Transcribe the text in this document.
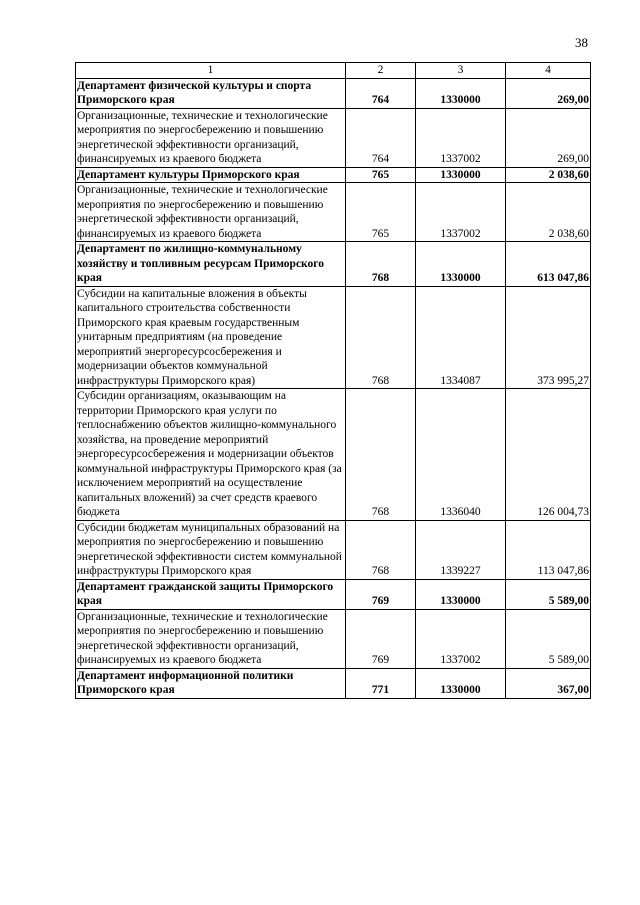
38
1	2	3	4
Департамент физической культуры и спорта Приморского края	764	1330000	269,00
Организационные, технические и технологические мероприятия по энергосбережению и повышению энергетической эффективности организаций, финансируемых из краевого бюджета	764	1337002	269,00
Департамент культуры Приморского края	765	1330000	2 038,60
Организационные, технические и технологические мероприятия по энергосбережению и повышению энергетической эффективности организаций, финансируемых из краевого бюджета	765	1337002	2 038,60
Департамент по жилищно-коммунальному хозяйству и топливным ресурсам Приморского края	768	1330000	613 047,86
Субсидии на капитальные вложения в объекты капитального строительства собственности Приморского края краевым государственным унитарным предприятиям (на проведение мероприятий энергоресурсосбережения и модернизации объектов коммунальной инфраструктуры Приморского края)	768	1334087	373 995,27
Субсидии организациям, оказывающим на территории Приморского края услуги по теплоснабжению объектов жилищно-коммунального хозяйства, на проведение мероприятий энергоресурсосбережения и модернизации объектов коммунальной инфраструктуры Приморского края (за исключением мероприятий на осуществление капитальных вложений) за счет средств краевого бюджета	768	1336040	126 004,73
Субсидии бюджетам муниципальных образований на мероприятия по энергосбережению и повышению энергетической эффективности систем коммунальной инфраструктуры Приморского края	768	1339227	113 047,86
Департамент гражданской защиты Приморского края	769	1330000	5 589,00
Организационные, технические и технологические мероприятия по энергосбережению и повышению энергетической эффективности организаций, финансируемых из краевого бюджета	769	1337002	5 589,00
Департамент информационной политики Приморского края	771	1330000	367,00
